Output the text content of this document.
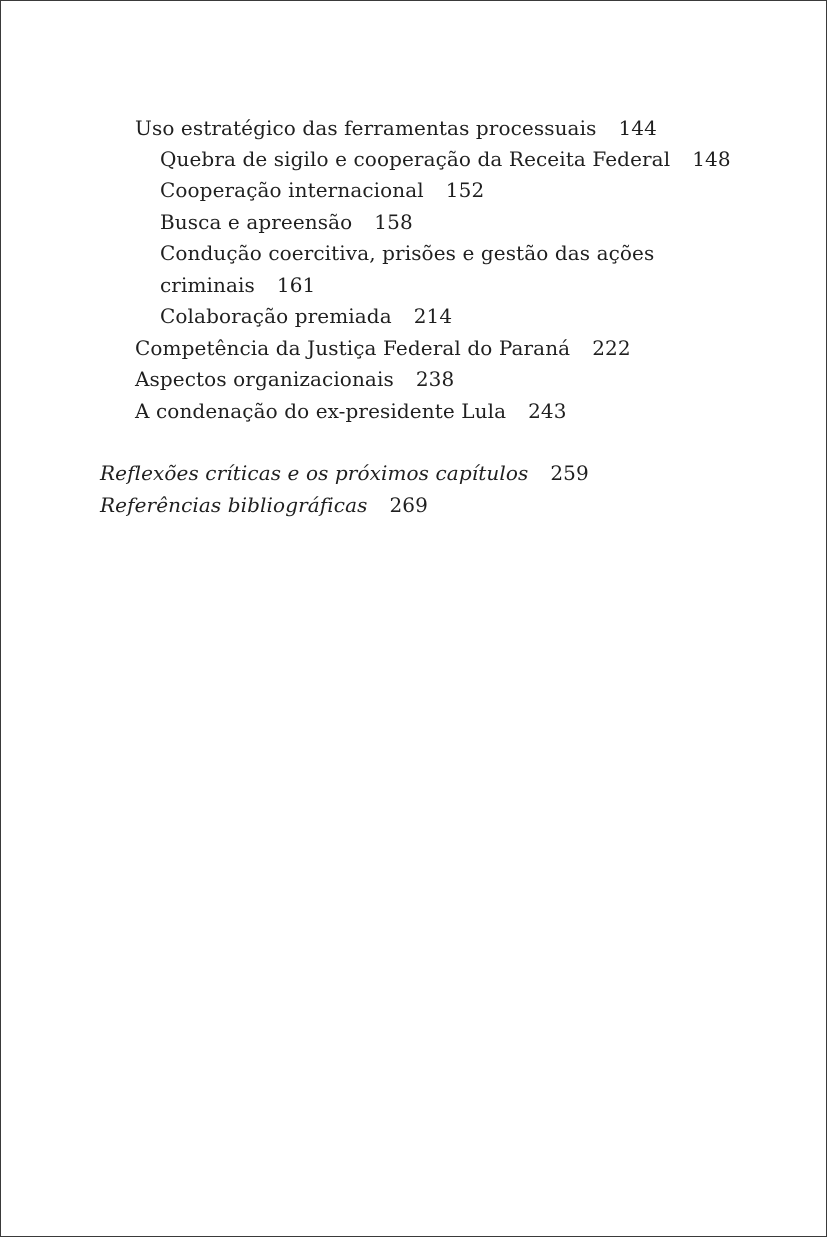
Uso estratégico das ferramentas processuais 144
Quebra de sigilo e cooperação da Receita Federal 148
Cooperação internacional 152
Busca e apreensão 158
Condução coercitiva, prisões e gestão das ações
criminais 161
Colaboração premiada 214
Competência da Justiça Federal do Paraná 222
Aspectos organizacionais 238
A condenação do ex-presidente Lula 243
Reflexões críticas e os próximos capítulos 259
Referências bibliográficas 269
